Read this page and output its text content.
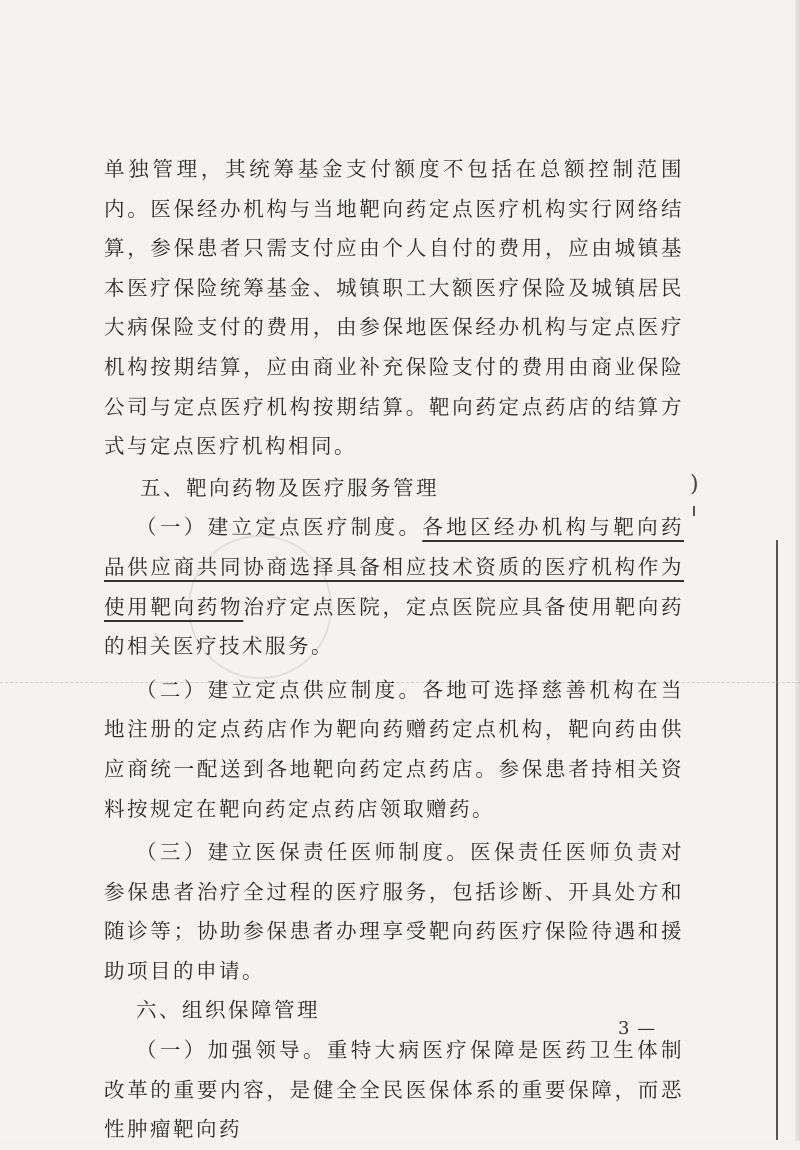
)

单独管理，其统筹基金支付额度不包括在总额控制范围内。医保经办机构与当地靶向药定点医疗机构实行网络结算，参保患者只需支付应由个人自付的费用，应由城镇基本医疗保险统筹基金、城镇职工大额医疗保险及城镇居民大病保险支付的费用，由参保地医保经办机构与定点医疗机构按期结算，应由商业补充保险支付的费用由商业保险公司与定点医疗机构按期结算。靶向药定点药店的结算方式与定点医疗机构相同。

五、靶向药物及医疗服务管理

（一）建立定点医疗制度。各地区经办机构与靶向药品供应商共同协商选择具备相应技术资质的医疗机构作为使用靶向药物治疗定点医院，定点医院应具备使用靶向药的相关医疗技术服务。

（二）建立定点供应制度。各地可选择慈善机构在当地注册的定点药店作为靶向药赠药定点机构，靶向药由供应商统一配送到各地靶向药定点药店。参保患者持相关资料按规定在靶向药定点药店领取赠药。

（三）建立医保责任医师制度。医保责任医师负责对参保患者治疗全过程的医疗服务，包括诊断、开具处方和随诊等；协助参保患者办理享受靶向药医疗保险待遇和援助项目的申请。

六、组织保障管理

（一）加强领导。重特大病医疗保障是医药卫生体制改革的重要内容，是健全全民医保体系的重要保障，而恶性肿瘤靶向药

3 —
